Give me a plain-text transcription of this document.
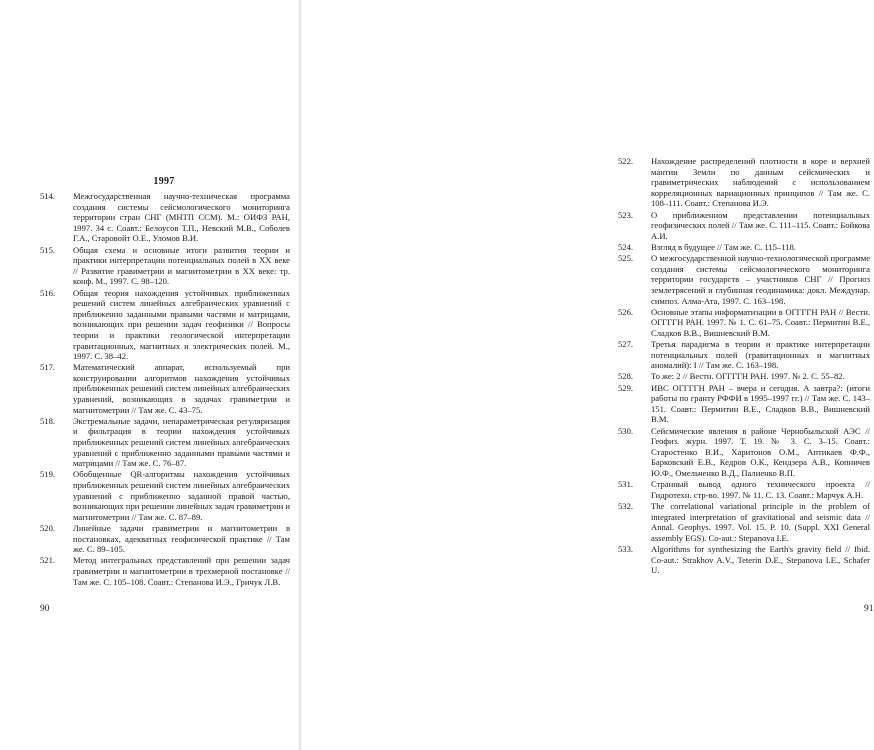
1997
514. Межгосударственная научно-техническая программа создания системы сейсмологического мониторинга территории стран СНГ (МНТП ССМ). М.: ОИФЗ РАН, 1997. 34 с. Соавт.: Белоусов Т.П., Невский М.В., Соболев Г.А., Старовойт О.Е., Уломов В.И.
515. Общая схема и основные итоги развития теории и практики интерпретации потенциальных полей в XX веке // Развитие гравиметрии и магнитометрии в XX веке: тр. конф. М., 1997. С. 98–120.
516. Общая теория нахождения устойчивых приближенных решений систем линейных алгебраических уравнений с приближенно заданными правыми частями и матрицами, возникающих при решении задач геофизики // Вопросы теории и практики геологической интерпретации гравитационных, магнитных и электрических полей. М., 1997. С. 38–42.
517. Математический аппарат, используемый при конструировании алгоритмов нахождения устойчивых приближенных решений систем линейных алгебраических уравнений, возникающих в задачах гравиметрии и магнитометрии // Там же. С. 43–75.
518. Экстремальные задачи, непараметрическая регуляризация и фильтрация в теории нахождения устойчивых приближенных решений систем линейных алгебраических уравнений с приближенно заданными правыми частями и матрицами // Там же. С. 76–87.
519. Обобщенные QR-алгоритмы нахождения устойчивых приближенных решений систем линейных алгебраических уравнений с приближенно заданной правой частью, возникающих при решении линейных задач гравиметрии и магнитометрии // Там же. С. 87–89.
520. Линейные задачи гравиметрии и магнитометрии в постановках, адекватных геофизической практике // Там же. С. 89–105.
521. Метод интегральных представлений при решении задач гравиметрии и магнитометрии в трехмерной постановке // Там же. С. 105–108. Соавт.: Степанова И.Э., Гричук Л.В.
90
522. Нахождение распределений плотности в коре и верхней мантии Земли по данным сейсмических и гравиметрических наблюдений с использованием корреляционных вариационных принципов // Там же. С. 108–111. Соавт.: Степанова И.Э.
523. О приближенном представлении потенциальных геофизических полей // Там же. С. 111–115. Соавт.: Бойкова А.И.
524. Взгляд в будущее // Там же. С. 115–118.
525. О межгосударственной научно-технологической программе создания системы сейсмологического мониторинга территории государств – участников СНГ // Прогноз землетрясений и глубинная геодинамика: докл. Междунар. симпоз. Алма-Ата, 1997. С. 163–198.
526. Основные этапы информатизации в ОГГГГН РАН // Вестн. ОГГГГН РАН. 1997. № 1. С. 61–75. Соавт.: Пермитин В.Е., Сладков В.В., Вишневский В.М.
527. Третья парадигма в теории и практике интерпретации потенциальных полей (гравитационных и магнитных аномалий): I // Там же. С. 163–198.
528. То же: 2 // Вестн. ОГГГГН РАН. 1997. № 2. С. 55–82.
529. ИВС ОГГГГН РАН – вчера и сегодня. А завтра?: (итоги работы по гранту РФФИ в 1995–1997 гг.) // Там же. С. 143–151. Соавт.: Пермитин В.Е., Сладков В.В., Вишневский В.М.
530. Сейсмические явления в районе Чернобыльской АЭС // Геофиз. журн. 1997. Т. 19. № 3. С. 3–15. Соавт.: Старостенко В.И., Харитонов О.М., Аптикаев Ф.Ф., Барковский Е.В., Кедров О.К., Кендзера А.В., Копничев Ю.Ф., Омельченко В.Д., Палиенко В.П.
531. Странный вывод одного технического проекта // Гидротехн. стр-во. 1997. № 11. С. 13. Соавт.: Марчук А.Н.
532. The correlational variational principle in the problem of integrated interpretation of gravitational and seismic data // Annal. Geophys. 1997. Vol. 15. P. 10. (Suppl. XXI General assembly EGS). Co-aut.: Stepanova I.E.
533. Algorithms for synthesizing the Earth's gravity field // Ibid. Co-aut.: Strakhov A.V., Teterin D.E., Stepanova I.E., Schafer U.
91
